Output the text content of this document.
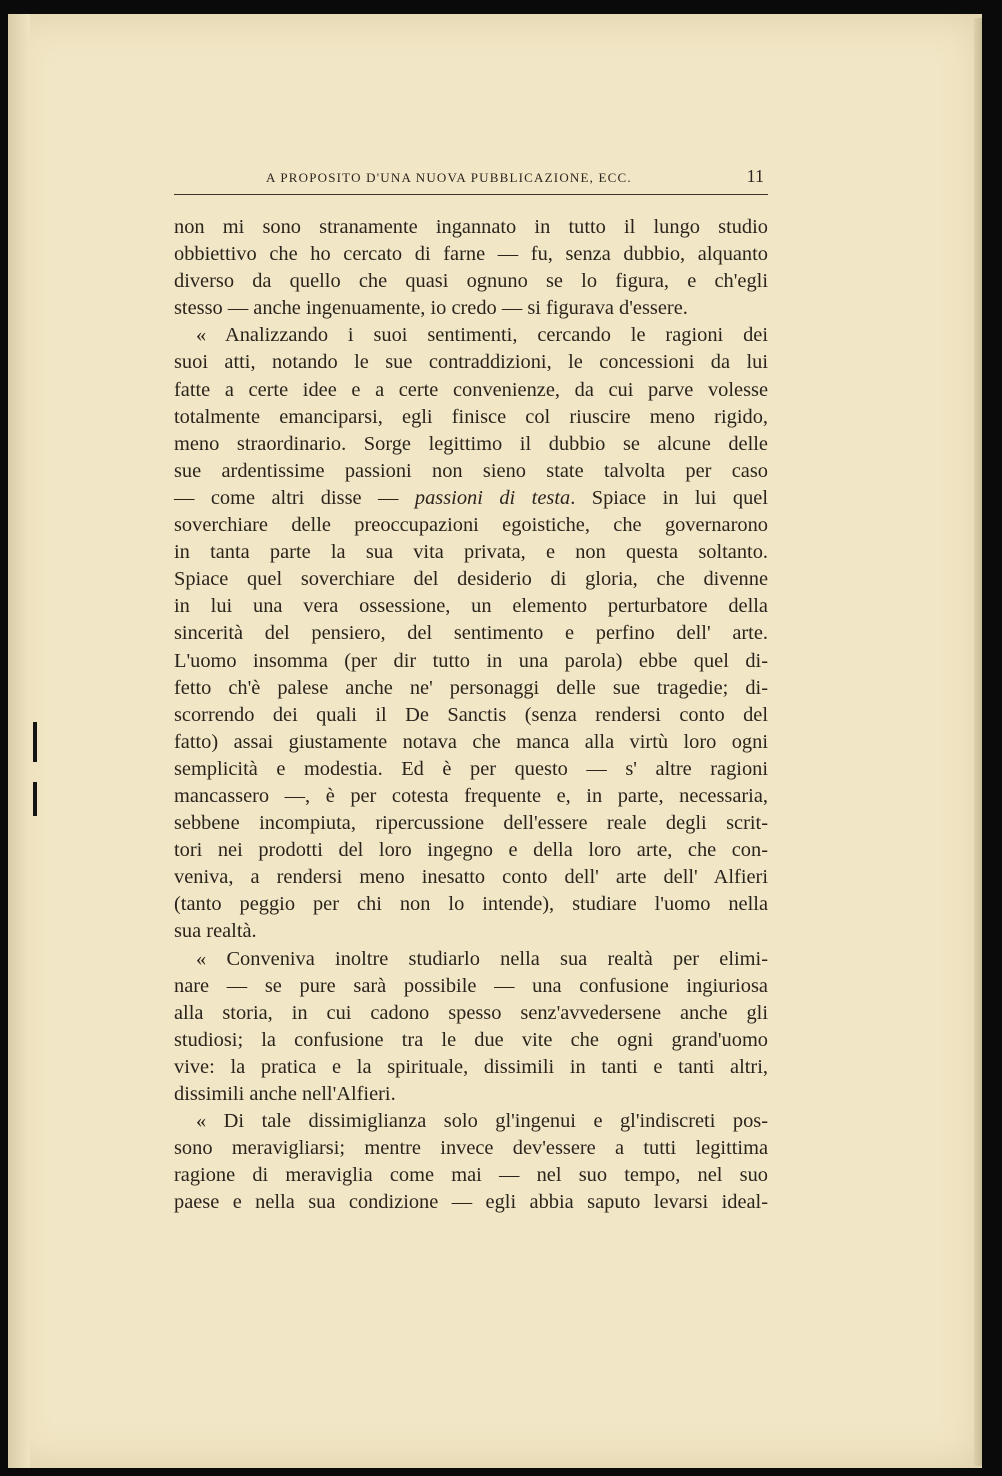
A PROPOSITO D'UNA NUOVA PUBBLICAZIONE, ECC.	11
non mi sono stranamente ingannato in tutto il lungo studio
obbiettivo che ho cercato di farne — fu, senza dubbio, alquanto
diverso da quello che quasi ognuno se lo figura, e ch'egli
stesso — anche ingenuamente, io credo — si figurava d'essere.
« Analizzando i suoi sentimenti, cercando le ragioni dei
suoi atti, notando le sue contraddizioni, le concessioni da lui
fatte a certe idee e a certe convenienze, da cui parve volesse
totalmente emanciparsi, egli finisce col riuscire meno rigido,
meno straordinario. Sorge legittimo il dubbio se alcune delle
sue ardentissime passioni non sieno state talvolta per caso
— come altri disse — passioni di testa. Spiace in lui quel
soverchiare delle preoccupazioni egoistiche, che governarono
in tanta parte la sua vita privata, e non questa soltanto.
Spiace quel soverchiare del desiderio di gloria, che divenne
in lui una vera ossessione, un elemento perturbatore della
sincerità del pensiero, del sentimento e perfino dell' arte.
L'uomo insomma (per dir tutto in una parola) ebbe quel di-
fetto ch'è palese anche ne' personaggi delle sue tragedie; di-
scorrendo dei quali il De Sanctis (senza rendersi conto del
fatto) assai giustamente notava che manca alla virtù loro ogni
semplicità e modestia. Ed è per questo — s' altre ragioni
mancassero —, è per cotesta frequente e, in parte, necessaria,
sebbene incompiuta, ripercussione dell'essere reale degli scrit-
tori nei prodotti del loro ingegno e della loro arte, che con-
veniva, a rendersi meno inesatto conto dell' arte dell' Alfieri
(tanto peggio per chi non lo intende), studiare l'uomo nella
sua realtà.
« Conveniva inoltre studiarlo nella sua realtà per elimi-
nare — se pure sarà possibile — una confusione ingiuriosa
alla storia, in cui cadono spesso senz'avvedersene anche gli
studiosi; la confusione tra le due vite che ogni grand'uomo
vive: la pratica e la spirituale, dissimili in tanti e tanti altri,
dissimili anche nell'Alfieri.
« Di tale dissimiglianza solo gl'ingenui e gl'indiscreti pos-
sono meravigliarsi; mentre invece dev'essere a tutti legittima
ragione di meraviglia come mai — nel suo tempo, nel suo
paese e nella sua condizione — egli abbia saputo levarsi ideal-
